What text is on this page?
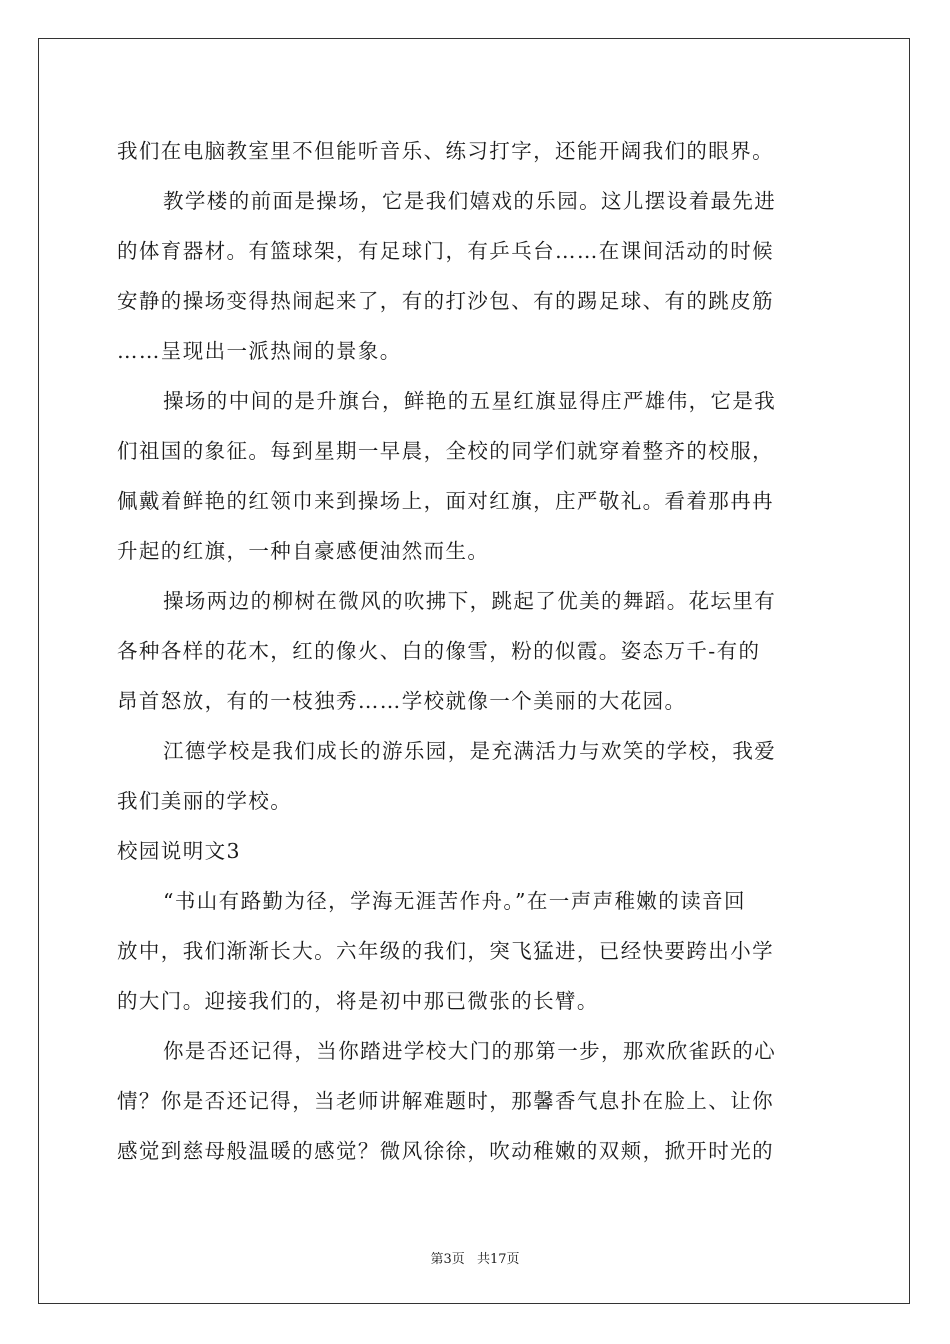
我们在电脑教室里不但能听音乐、练习打字，还能开阔我们的眼界。
教学楼的前面是操场，它是我们嬉戏的乐园。这儿摆设着最先进
的体育器材。有篮球架，有足球门，有乒乓台……在课间活动的时候
安静的操场变得热闹起来了，有的打沙包、有的踢足球、有的跳皮筋
……呈现出一派热闹的景象。
操场的中间的是升旗台，鲜艳的五星红旗显得庄严雄伟，它是我
们祖国的象征。每到星期一早晨，全校的同学们就穿着整齐的校服，
佩戴着鲜艳的红领巾来到操场上，面对红旗，庄严敬礼。看着那冉冉
升起的红旗，一种自豪感便油然而生。
操场两边的柳树在微风的吹拂下，跳起了优美的舞蹈。花坛里有
各种各样的花木，红的像火、白的像雪，粉的似霞。姿态万千-有的
昂首怒放，有的一枝独秀……学校就像一个美丽的大花园。
江德学校是我们成长的游乐园，是充满活力与欢笑的学校，我爱
我们美丽的学校。
校园说明文3
“书山有路勤为径，学海无涯苦作舟。”在一声声稚嫩的读音回
放中，我们渐渐长大。六年级的我们，突飞猛进，已经快要跨出小学
的大门。迎接我们的，将是初中那已微张的长臂。
你是否还记得，当你踏进学校大门的那第一步，那欢欣雀跃的心
情？你是否还记得，当老师讲解难题时，那馨香气息扑在脸上、让你
感觉到慈母般温暖的感觉？微风徐徐，吹动稚嫩的双颊，掀开时光的
第3页 共17页
